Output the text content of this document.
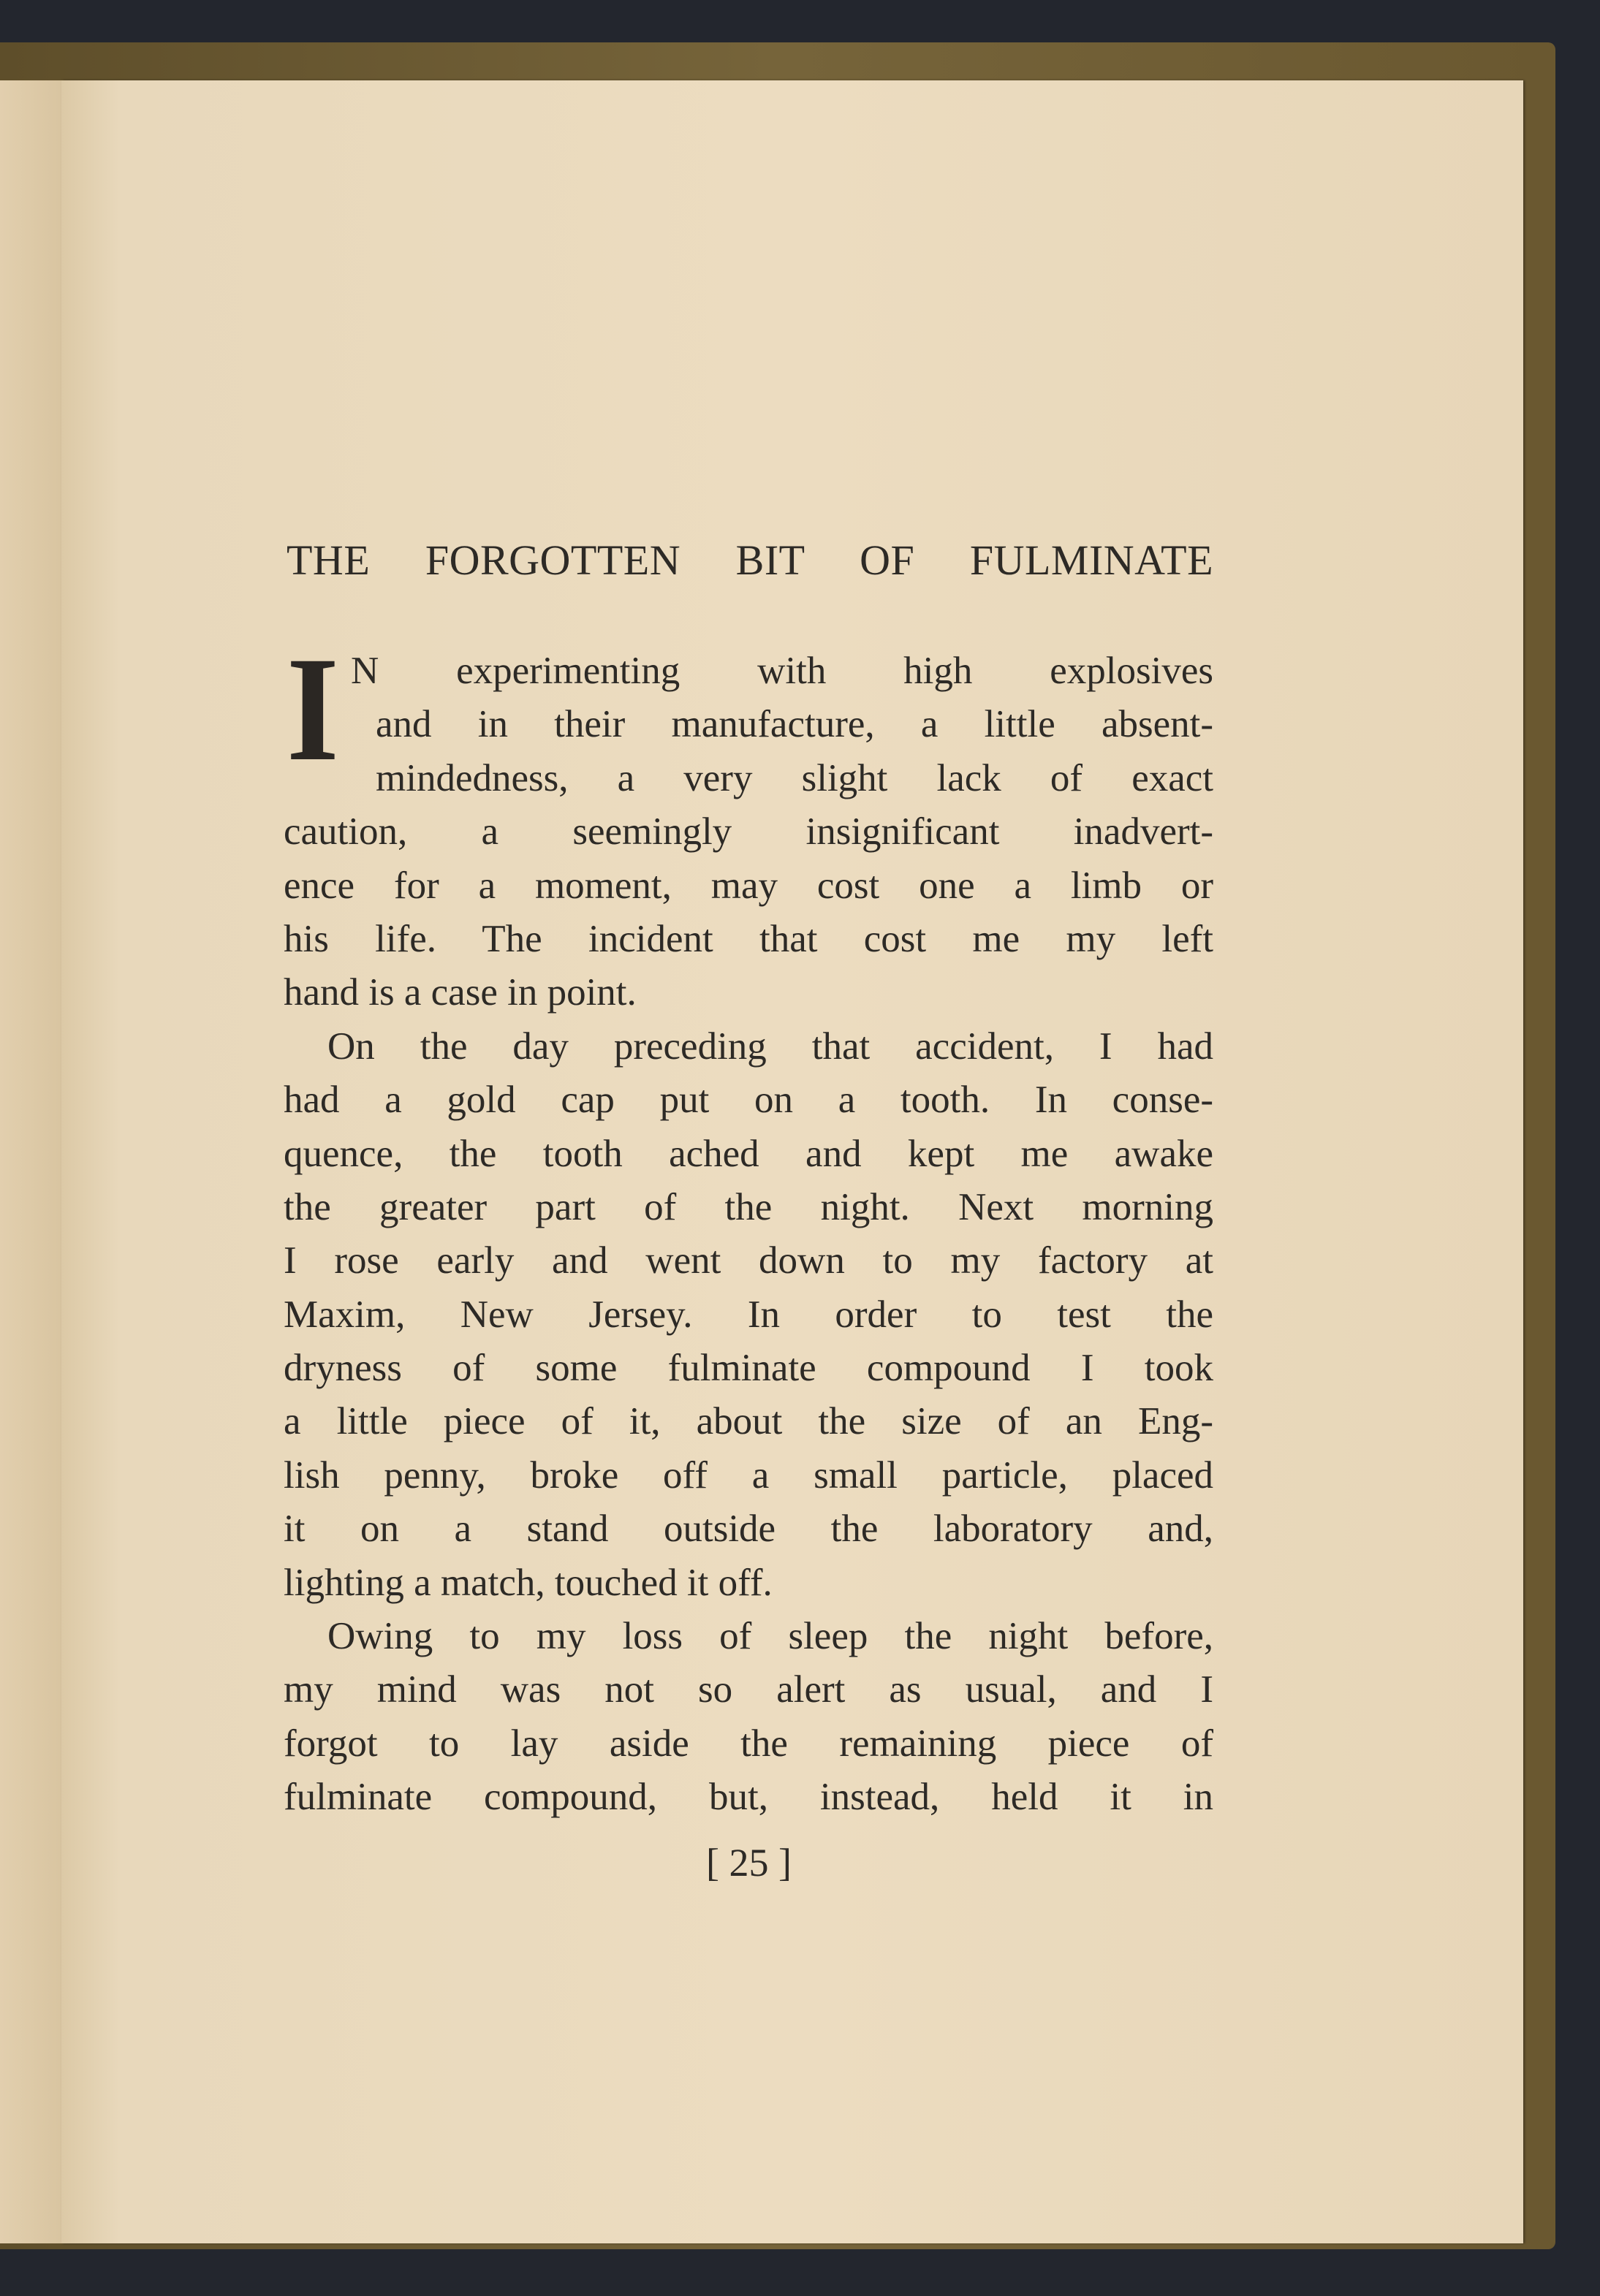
THE FORGOTTEN BIT OF FULMINATE
I N experimenting with high explosives
and in their manufacture, a little absent-
mindedness, a very slight lack of exact
caution, a seemingly insignificant inadvert-
ence for a moment, may cost one a limb or
his life. The incident that cost me my left
hand is a case in point.
On the day preceding that accident, I had
had a gold cap put on a tooth. In conse-
quence, the tooth ached and kept me awake
the greater part of the night. Next morning
I rose early and went down to my factory at
Maxim, New Jersey. In order to test the
dryness of some fulminate compound I took
a little piece of it, about the size of an Eng-
lish penny, broke off a small particle, placed
it on a stand outside the laboratory and,
lighting a match, touched it off.
Owing to my loss of sleep the night before,
my mind was not so alert as usual, and I
forgot to lay aside the remaining piece of
fulminate compound, but, instead, held it in
[ 25 ]
